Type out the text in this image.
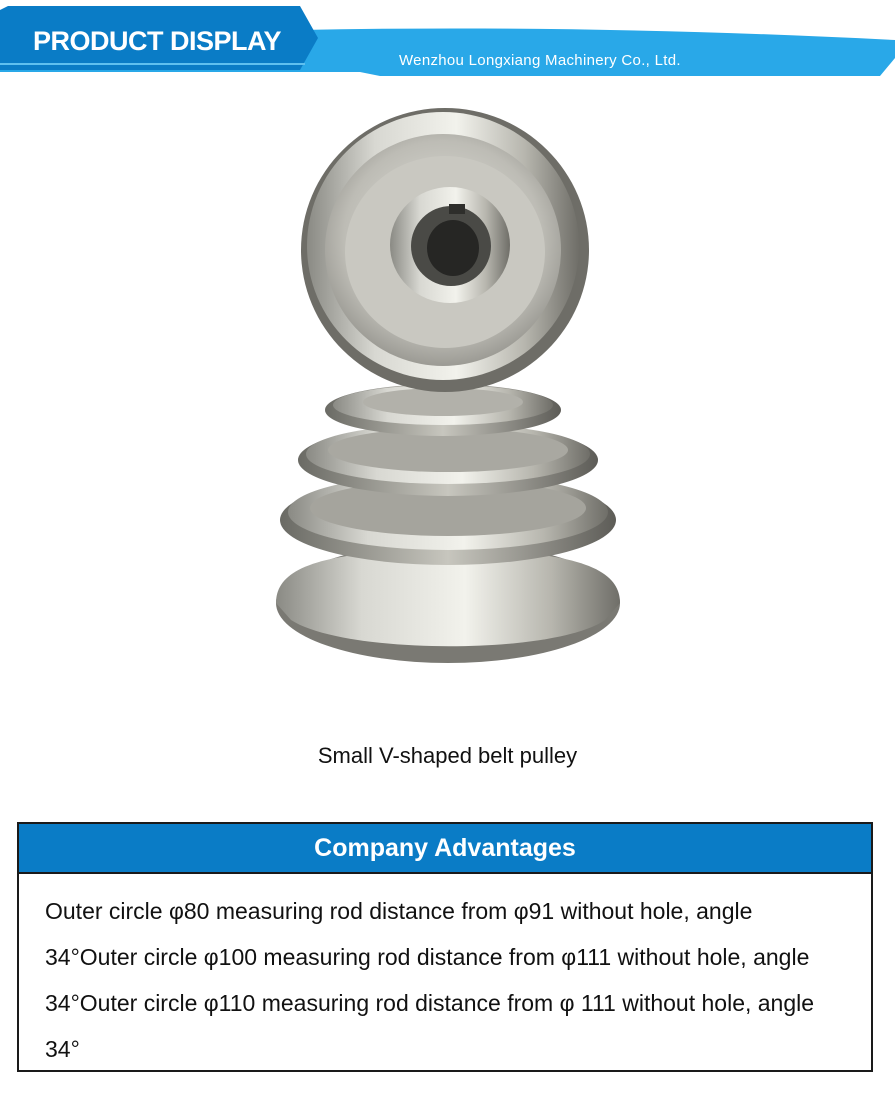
PRODUCT DISPLAY
Wenzhou Longxiang Machinery Co., Ltd.
Small V-shaped belt pulley
Company Advantages
Outer circle φ80 measuring rod distance from φ91 without hole, angle 34°Outer circle φ100 measuring rod distance from φ111 without hole, angle 34°Outer circle φ110 measuring rod distance from φ 111 without hole, angle 34°
